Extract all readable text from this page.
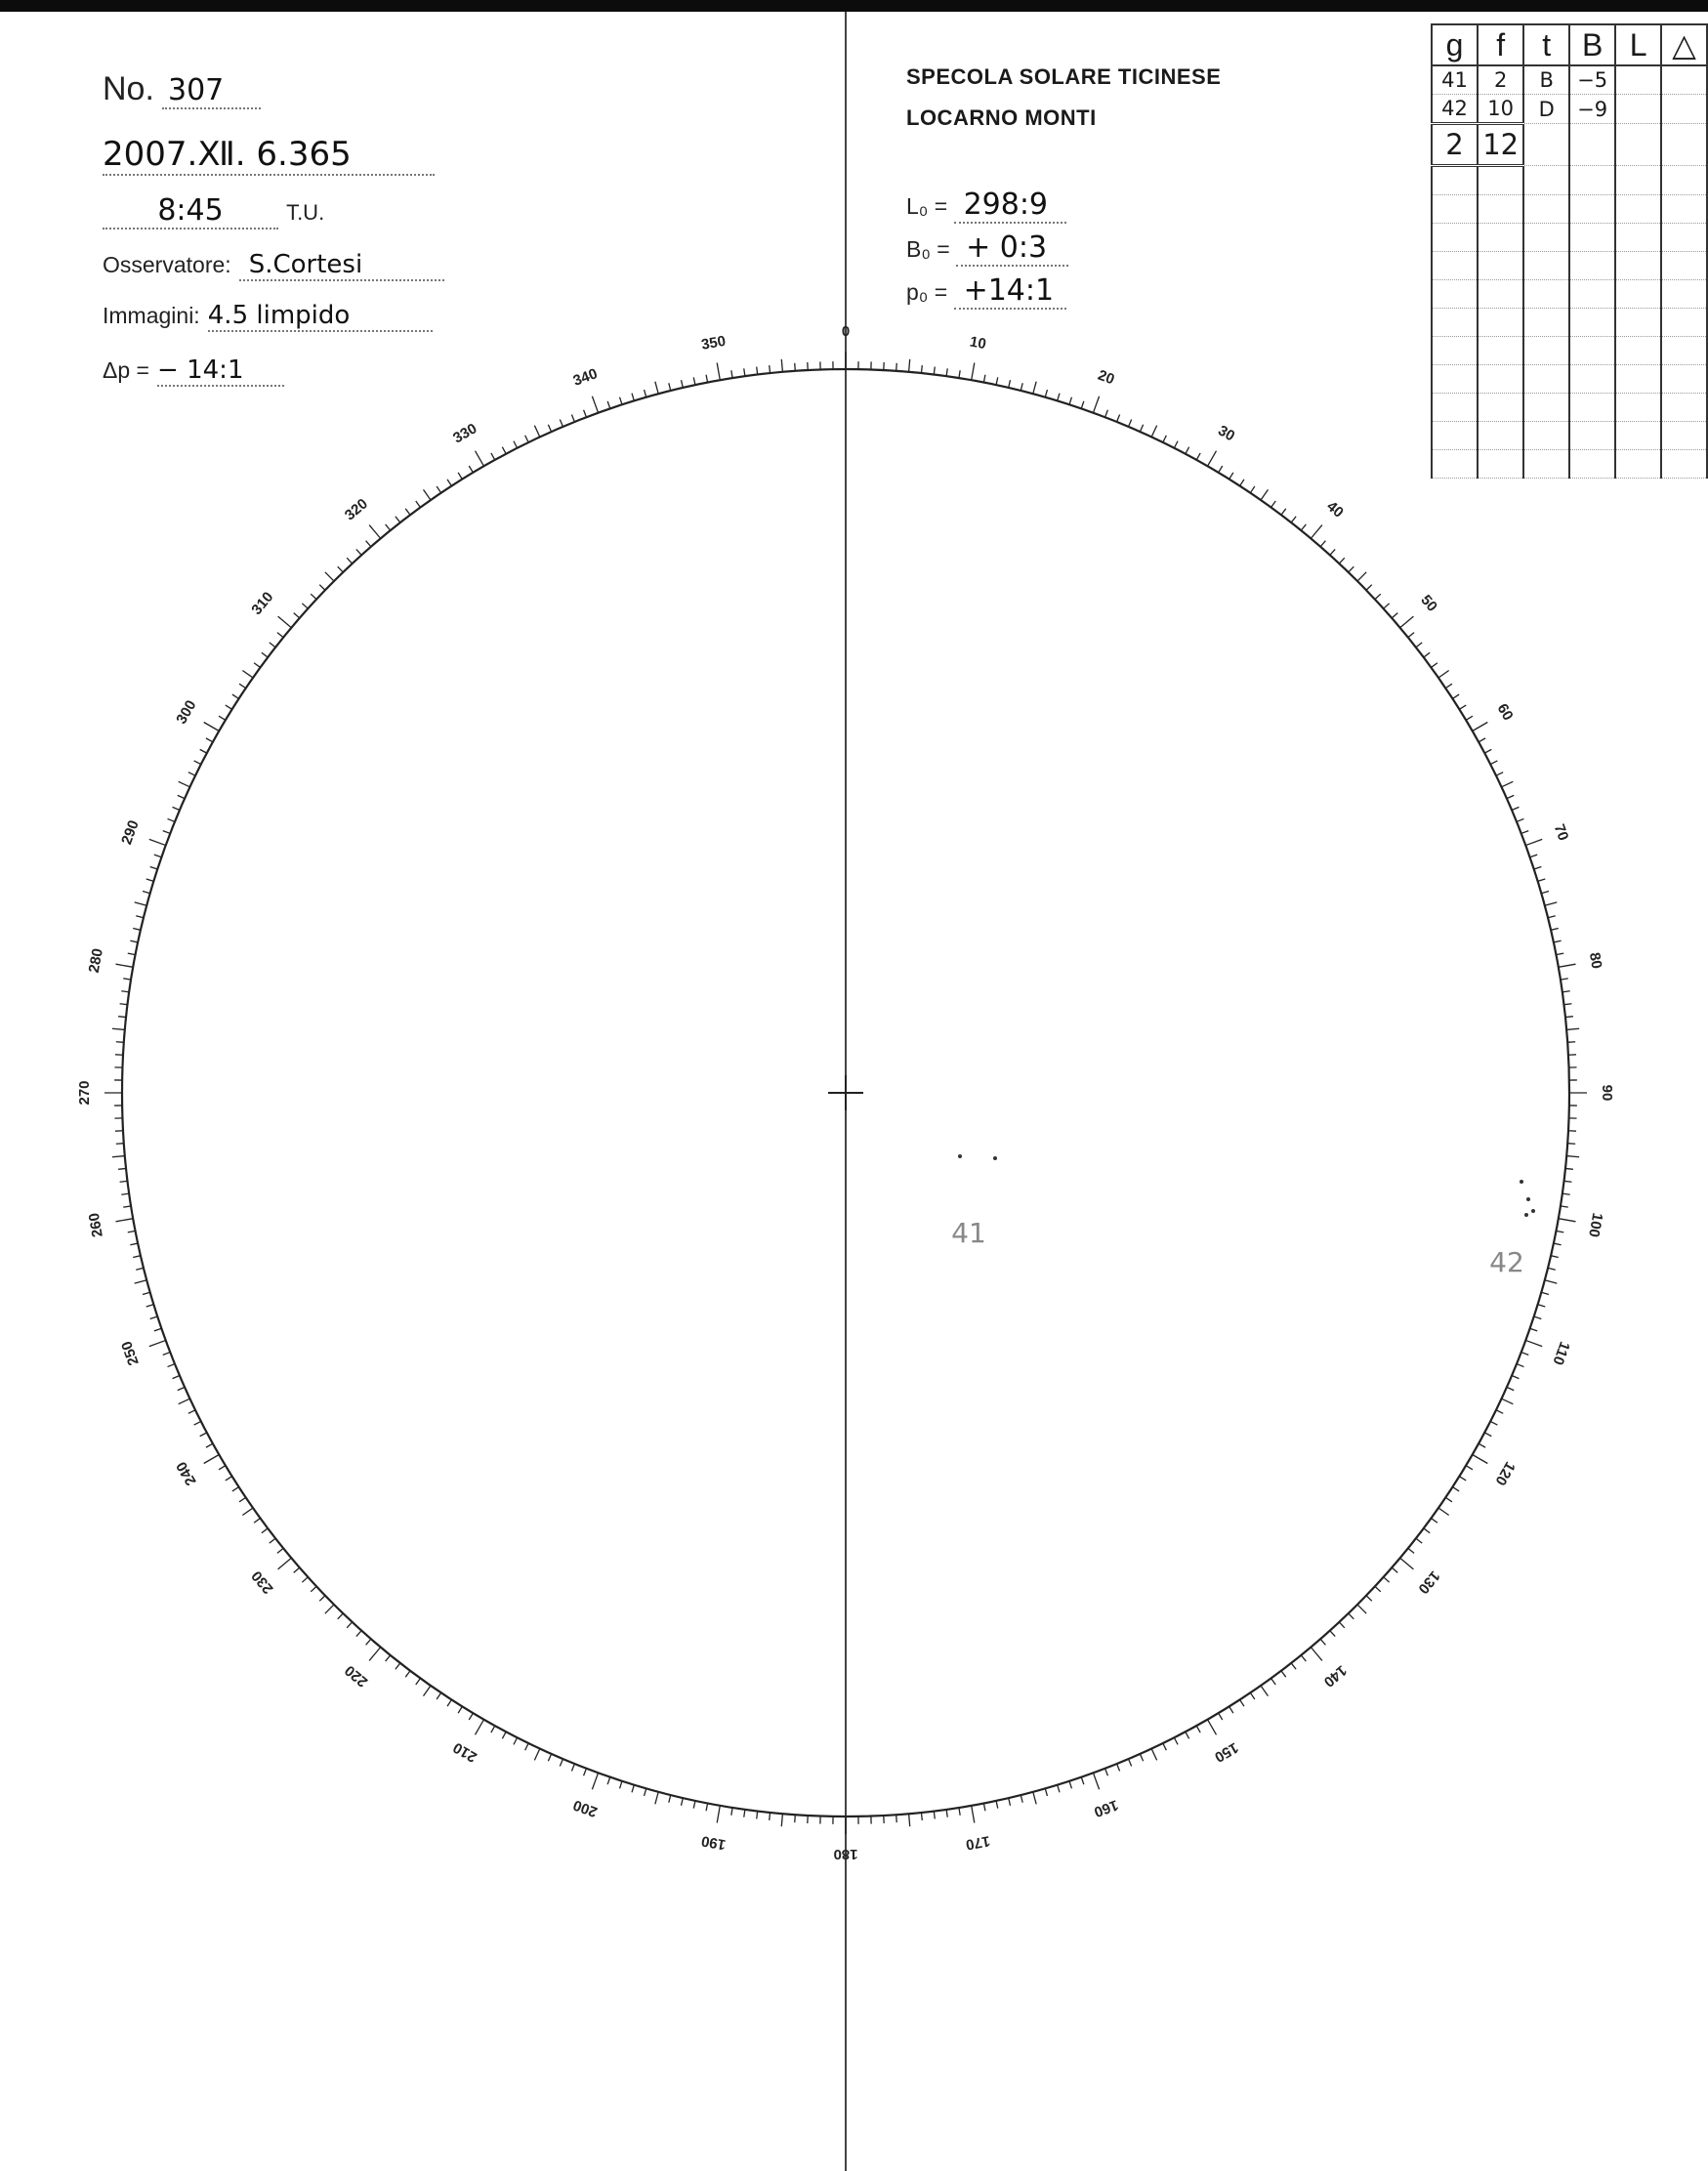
No. 307
2007.Ⅻ. 6.365
8:45	T.U.
Osservatore: S.Cortesi
Immagini: 4.5 limpido
Δp = − 14:1
SPECOLA SOLARE TICINESE
LOCARNO MONTI
L₀ = 298:9
B₀ = + 0:3
p₀ = +14:1
g	f	t	B	L	△
41	2	B	−5		
42	10	D	−9		
2	12				

0
10
20
30
40
50
60
70
80
90
100
110
120
130
140
150
160
170
180
190
200
210
220
230
240
250
260
270
280
290
300
310
320
330
340
350
41
42
